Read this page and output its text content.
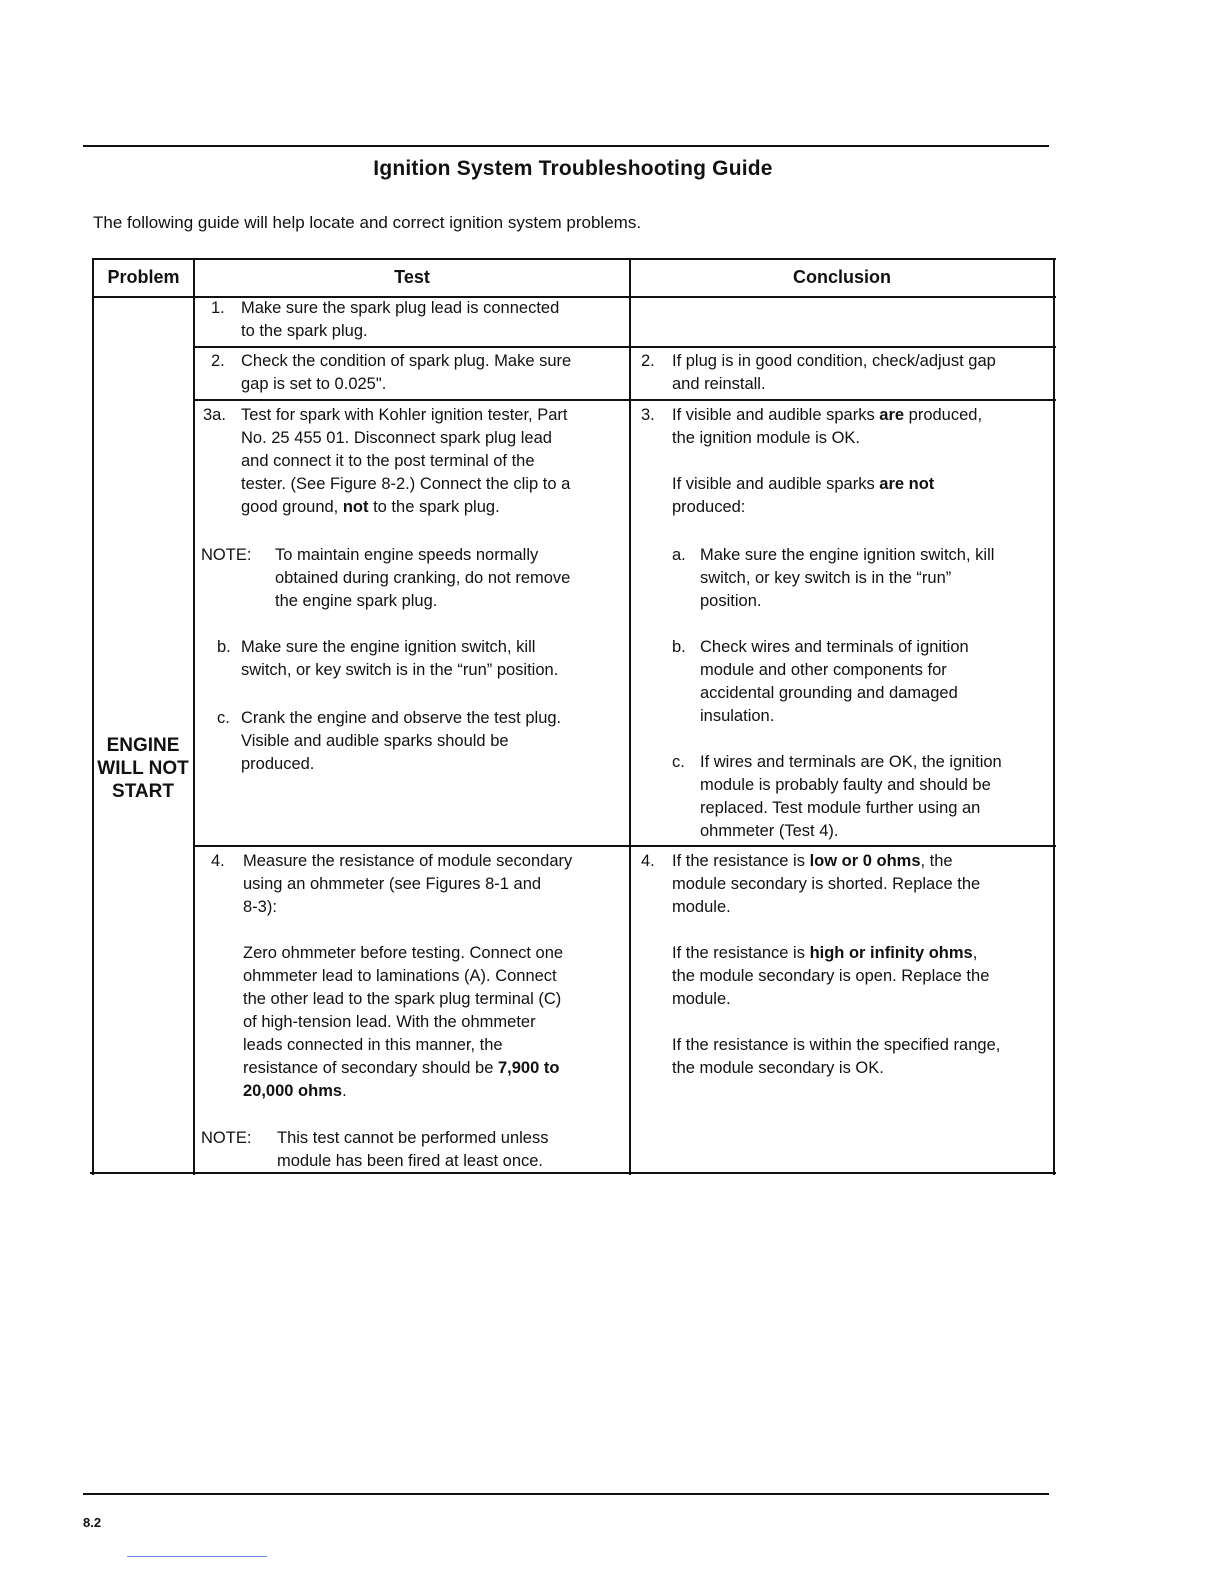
Ignition System Troubleshooting Guide
The following guide will help locate and correct ignition system problems.
Problem	Test	Conclusion
ENGINE
WILL NOT
START
1. Make sure the spark plug lead is connected
to the spark plug.
2. Check the condition of spark plug. Make sure
gap is set to 0.025".
2. If plug is in good condition, check/adjust gap
and reinstall.
3a. Test for spark with Kohler ignition tester, Part
No. 25 455 01. Disconnect spark plug lead
and connect it to the post terminal of the
tester. (See Figure 8-2.) Connect the clip to a
good ground, not to the spark plug.
NOTE: To maintain engine speeds normally
obtained during cranking, do not remove
the engine spark plug.
b. Make sure the engine ignition switch, kill
switch, or key switch is in the “run” position.
c. Crank the engine and observe the test plug.
Visible and audible sparks should be
produced.
3. If visible and audible sparks are produced,
the ignition module is OK.
If visible and audible sparks are not
produced:
a. Make sure the engine ignition switch, kill
switch, or key switch is in the “run”
position.
b. Check wires and terminals of ignition
module and other components for
accidental grounding and damaged
insulation.
c. If wires and terminals are OK, the ignition
module is probably faulty and should be
replaced. Test module further using an
ohmmeter (Test 4).
4. Measure the resistance of module secondary
using an ohmmeter (see Figures 8-1 and
8-3):
Zero ohmmeter before testing. Connect one
ohmmeter lead to laminations (A). Connect
the other lead to the spark plug terminal (C)
of high-tension lead. With the ohmmeter
leads connected in this manner, the
resistance of secondary should be 7,900 to
20,000 ohms.
NOTE: This test cannot be performed unless
module has been fired at least once.
4. If the resistance is low or 0 ohms, the
module secondary is shorted. Replace the
module.
If the resistance is high or infinity ohms,
the module secondary is open. Replace the
module.
If the resistance is within the specified range,
the module secondary is OK.
8.2
